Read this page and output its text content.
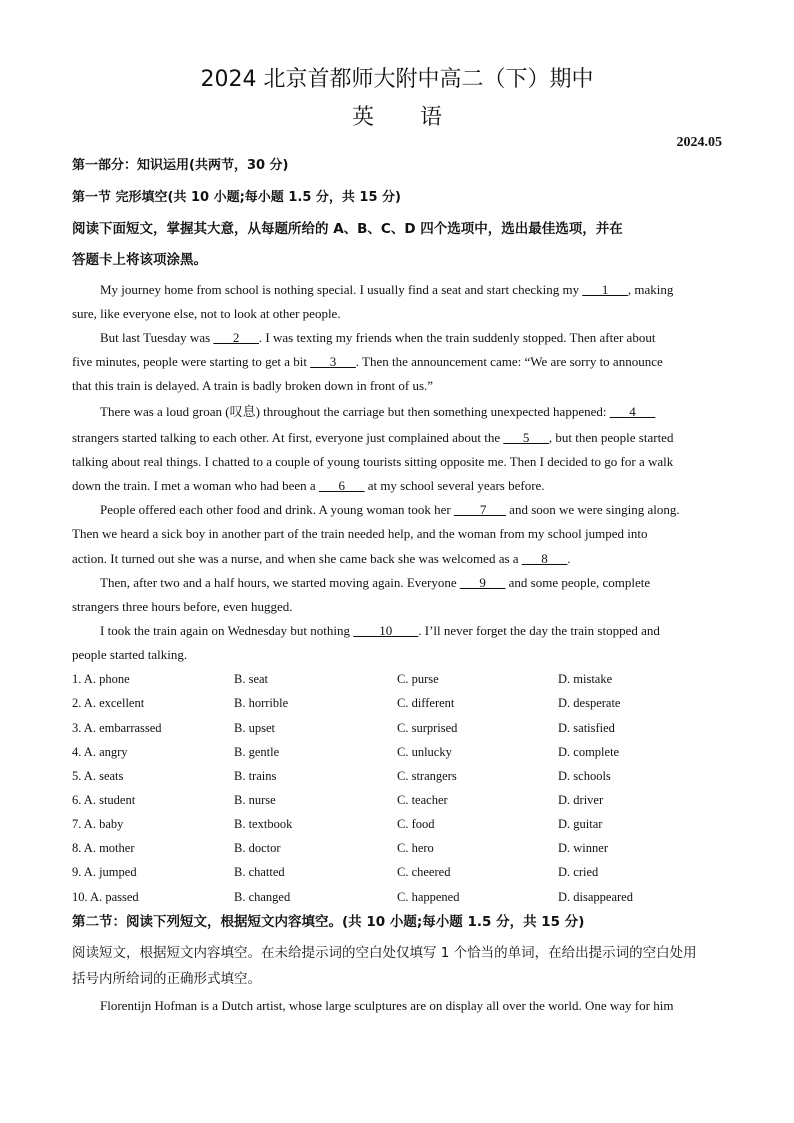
2024 北京首都师大附中高二（下）期中
英 语
2024.05
第一部分：知识运用(共两节，30 分)
第一节 完形填空(共 10 小题;每小题 1.5 分，共 15 分)
阅读下面短文，掌握其大意，从每题所给的 A、B、C、D 四个选项中，选出最佳选项，并在
答题卡上将该项涂黑。
My journey home from school is nothing special. I usually find a seat and start checking my ___1___, making
sure, like everyone else, not to look at other people.
But last Tuesday was ___2___. I was texting my friends when the train suddenly stopped. Then after about
five minutes, people were starting to get a bit ___3___. Then the announcement came: “We are sorry to announce
that this train is delayed. A train is badly broken down in front of us.”
There was a loud groan (叹息) throughout the carriage but then something unexpected happened: ___4___
strangers started talking to each other. At first, everyone just complained about the ___5___, but then people started
talking about real things. I chatted to a couple of young tourists sitting opposite me. Then I decided to go for a walk
down the train. I met a woman who had been a ___6___ at my school several years before.
People offered each other food and drink. A young woman took her ____7___ and soon we were singing along.
Then we heard a sick boy in another part of the train needed help, and the woman from my school jumped into
action. It turned out she was a nurse, and when she came back she was welcomed as a ___8___.
Then, after two and a half hours, we started moving again. Everyone ___9___ and some people, complete
strangers three hours before, even hugged.
I took the train again on Wednesday but nothing ____10____. I’ll never forget the day the train stopped and
people started talking.
1. A. phone	B. seat	C. purse	D. mistake
2. A. excellent	B. horrible	C. different	D. desperate
3. A. embarrassed	B. upset	C. surprised	D. satisfied
4. A. angry	B. gentle	C. unlucky	D. complete
5. A. seats	B. trains	C. strangers	D. schools
6. A. student	B. nurse	C. teacher	D. driver
7. A. baby	B. textbook	C. food	D. guitar
8. A. mother	B. doctor	C. hero	D. winner
9. A. jumped	B. chatted	C. cheered	D. cried
10. A. passed	B. changed	C. happened	D. disappeared
第二节：阅读下列短文，根据短文内容填空。(共 10 小题;每小题 1.5 分，共 15 分)
阅读短文，根据短文内容填空。在未给提示词的空白处仅填写 1 个恰当的单词，在给出提示词的空白处用
括号内所给词的正确形式填空。
Florentijn Hofman is a Dutch artist, whose large sculptures are on display all over the world. One way for him
